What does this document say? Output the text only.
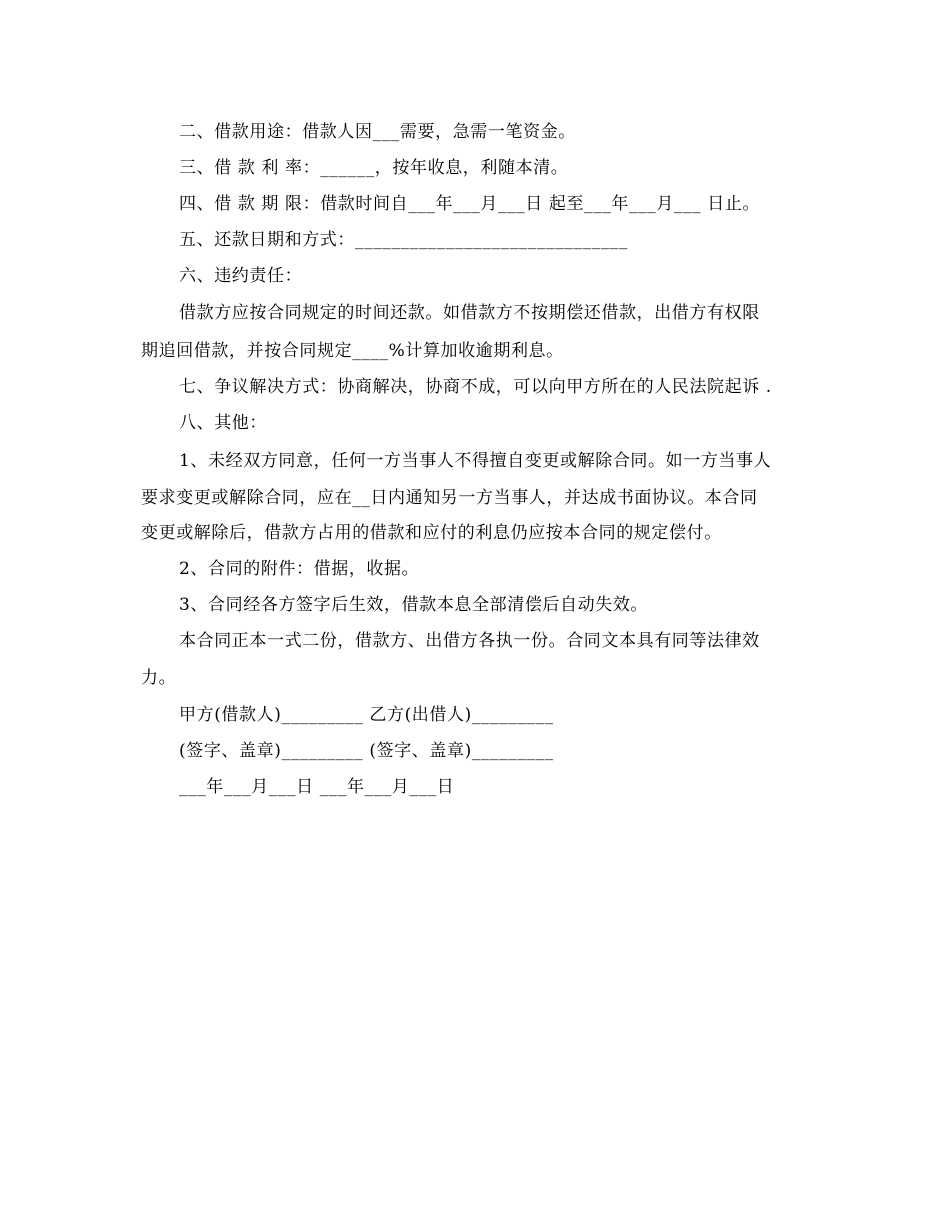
二、借款用途：借款人因___需要，急需一笔资金。
三、借 款 利 率：______，按年收息，利随本清。
四、借 款 期 限：借款时间自___年___月___日 起至___年___月___ 日止。
五、还款日期和方式：______________________________
六、违约责任：
借款方应按合同规定的时间还款。如借款方不按期偿还借款，出借方有权限
期追回借款，并按合同规定____%计算加收逾期利息。
七、争议解决方式：协商解决，协商不成，可以向甲方所在的人民法院起诉 .
八、其他：
1、未经双方同意，任何一方当事人不得擅自变更或解除合同。如一方当事人
要求变更或解除合同，应在__日内通知另一方当事人，并达成书面协议。本合同
变更或解除后，借款方占用的借款和应付的利息仍应按本合同的规定偿付。
2、合同的附件：借据，收据。
3、合同经各方签字后生效，借款本息全部清偿后自动失效。
本合同正本一式二份，借款方、出借方各执一份。合同文本具有同等法律效
力。
甲方(借款人)_________ 乙方(出借人)_________
(签字、盖章)_________ (签字、盖章)_________
___年___月___日 ___年___月___日
